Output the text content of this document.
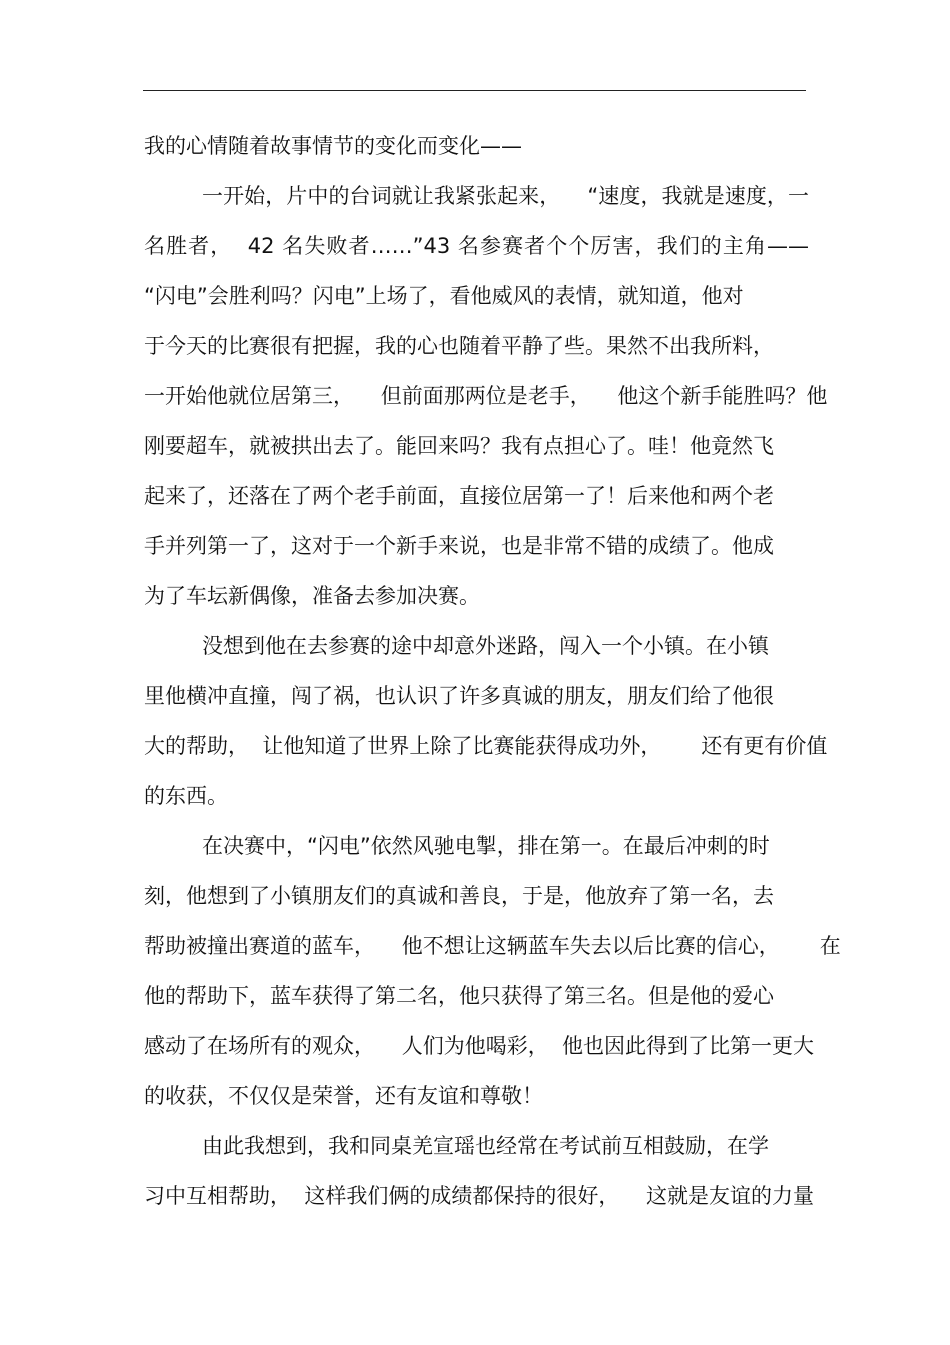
我的心情随着故事情节的变化而变化——
一开始，片中的台词就让我紧张起来，    “速度，我就是速度，一
名胜者，  42 名失败者……”43 名参赛者个个厉害，我们的主角——
“闪电”会胜利吗？闪电”上场了，看他威风的表情，就知道，他对
于今天的比赛很有把握，我的心也随着平静了些。果然不出我所料，
一开始他就位居第三，    但前面那两位是老手，    他这个新手能胜吗？他
刚要超车，就被拱出去了。能回来吗？我有点担心了。哇！他竟然飞
起来了，还落在了两个老手前面，直接位居第一了！后来他和两个老
手并列第一了，这对于一个新手来说，也是非常不错的成绩了。他成
为了车坛新偶像，准备去参加决赛。
没想到他在去参赛的途中却意外迷路，闯入一个小镇。在小镇
里他横冲直撞，闯了祸，也认识了许多真诚的朋友，朋友们给了他很
大的帮助，  让他知道了世界上除了比赛能获得成功外，      还有更有价值
的东西。
在决赛中，“闪电”依然风驰电掣，排在第一。在最后冲刺的时
刻，他想到了小镇朋友们的真诚和善良，于是，他放弃了第一名，去
帮助被撞出赛道的蓝车，    他不想让这辆蓝车失去以后比赛的信心，      在
他的帮助下，蓝车获得了第二名，他只获得了第三名。但是他的爱心
感动了在场所有的观众，    人们为他喝彩，  他也因此得到了比第一更大
的收获，不仅仅是荣誉，还有友谊和尊敬！
由此我想到，我和同桌羌宣瑶也经常在考试前互相鼓励，在学
习中互相帮助，  这样我们俩的成绩都保持的很好，    这就是友谊的力量
